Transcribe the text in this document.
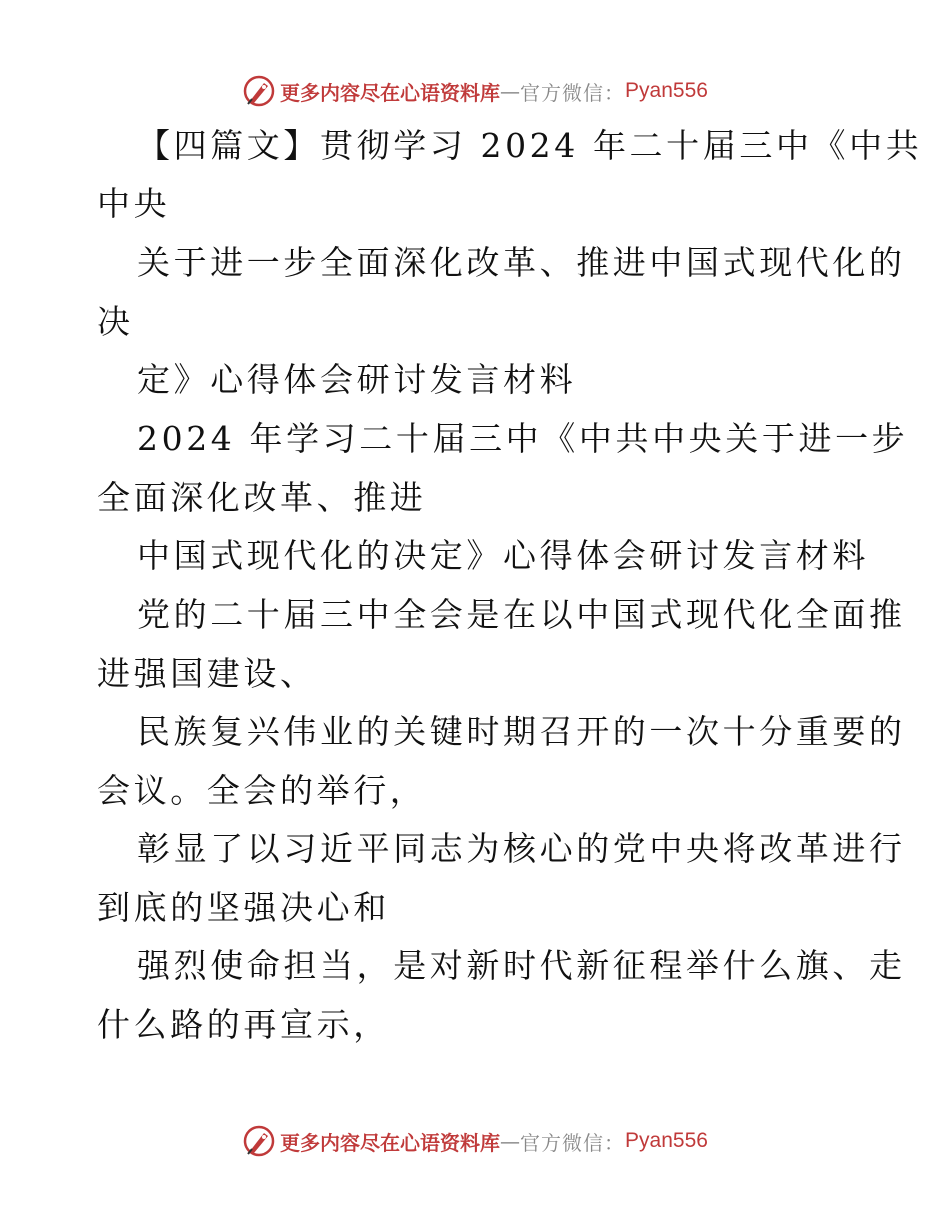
更多内容尽在心语资料库 — 官方微信： Pyan556
【四篇文】贯彻学习 2024 年二十届三中《中共
中央
关于进一步全面深化改革、推进中国式现代化的
决
定》心得体会研讨发言材料
2024 年学习二十届三中《中共中央关于进一步
全面深化改革、推进
中国式现代化的决定》心得体会研讨发言材料
党的二十届三中全会是在以中国式现代化全面推
进强国建设、
民族复兴伟业的关键时期召开的一次十分重要的
会议。全会的举行，
彰显了以习近平同志为核心的党中央将改革进行
到底的坚强决心和
强烈使命担当，是对新时代新征程举什么旗、走
什么路的再宣示，
更多内容尽在心语资料库 — 官方微信： Pyan556
